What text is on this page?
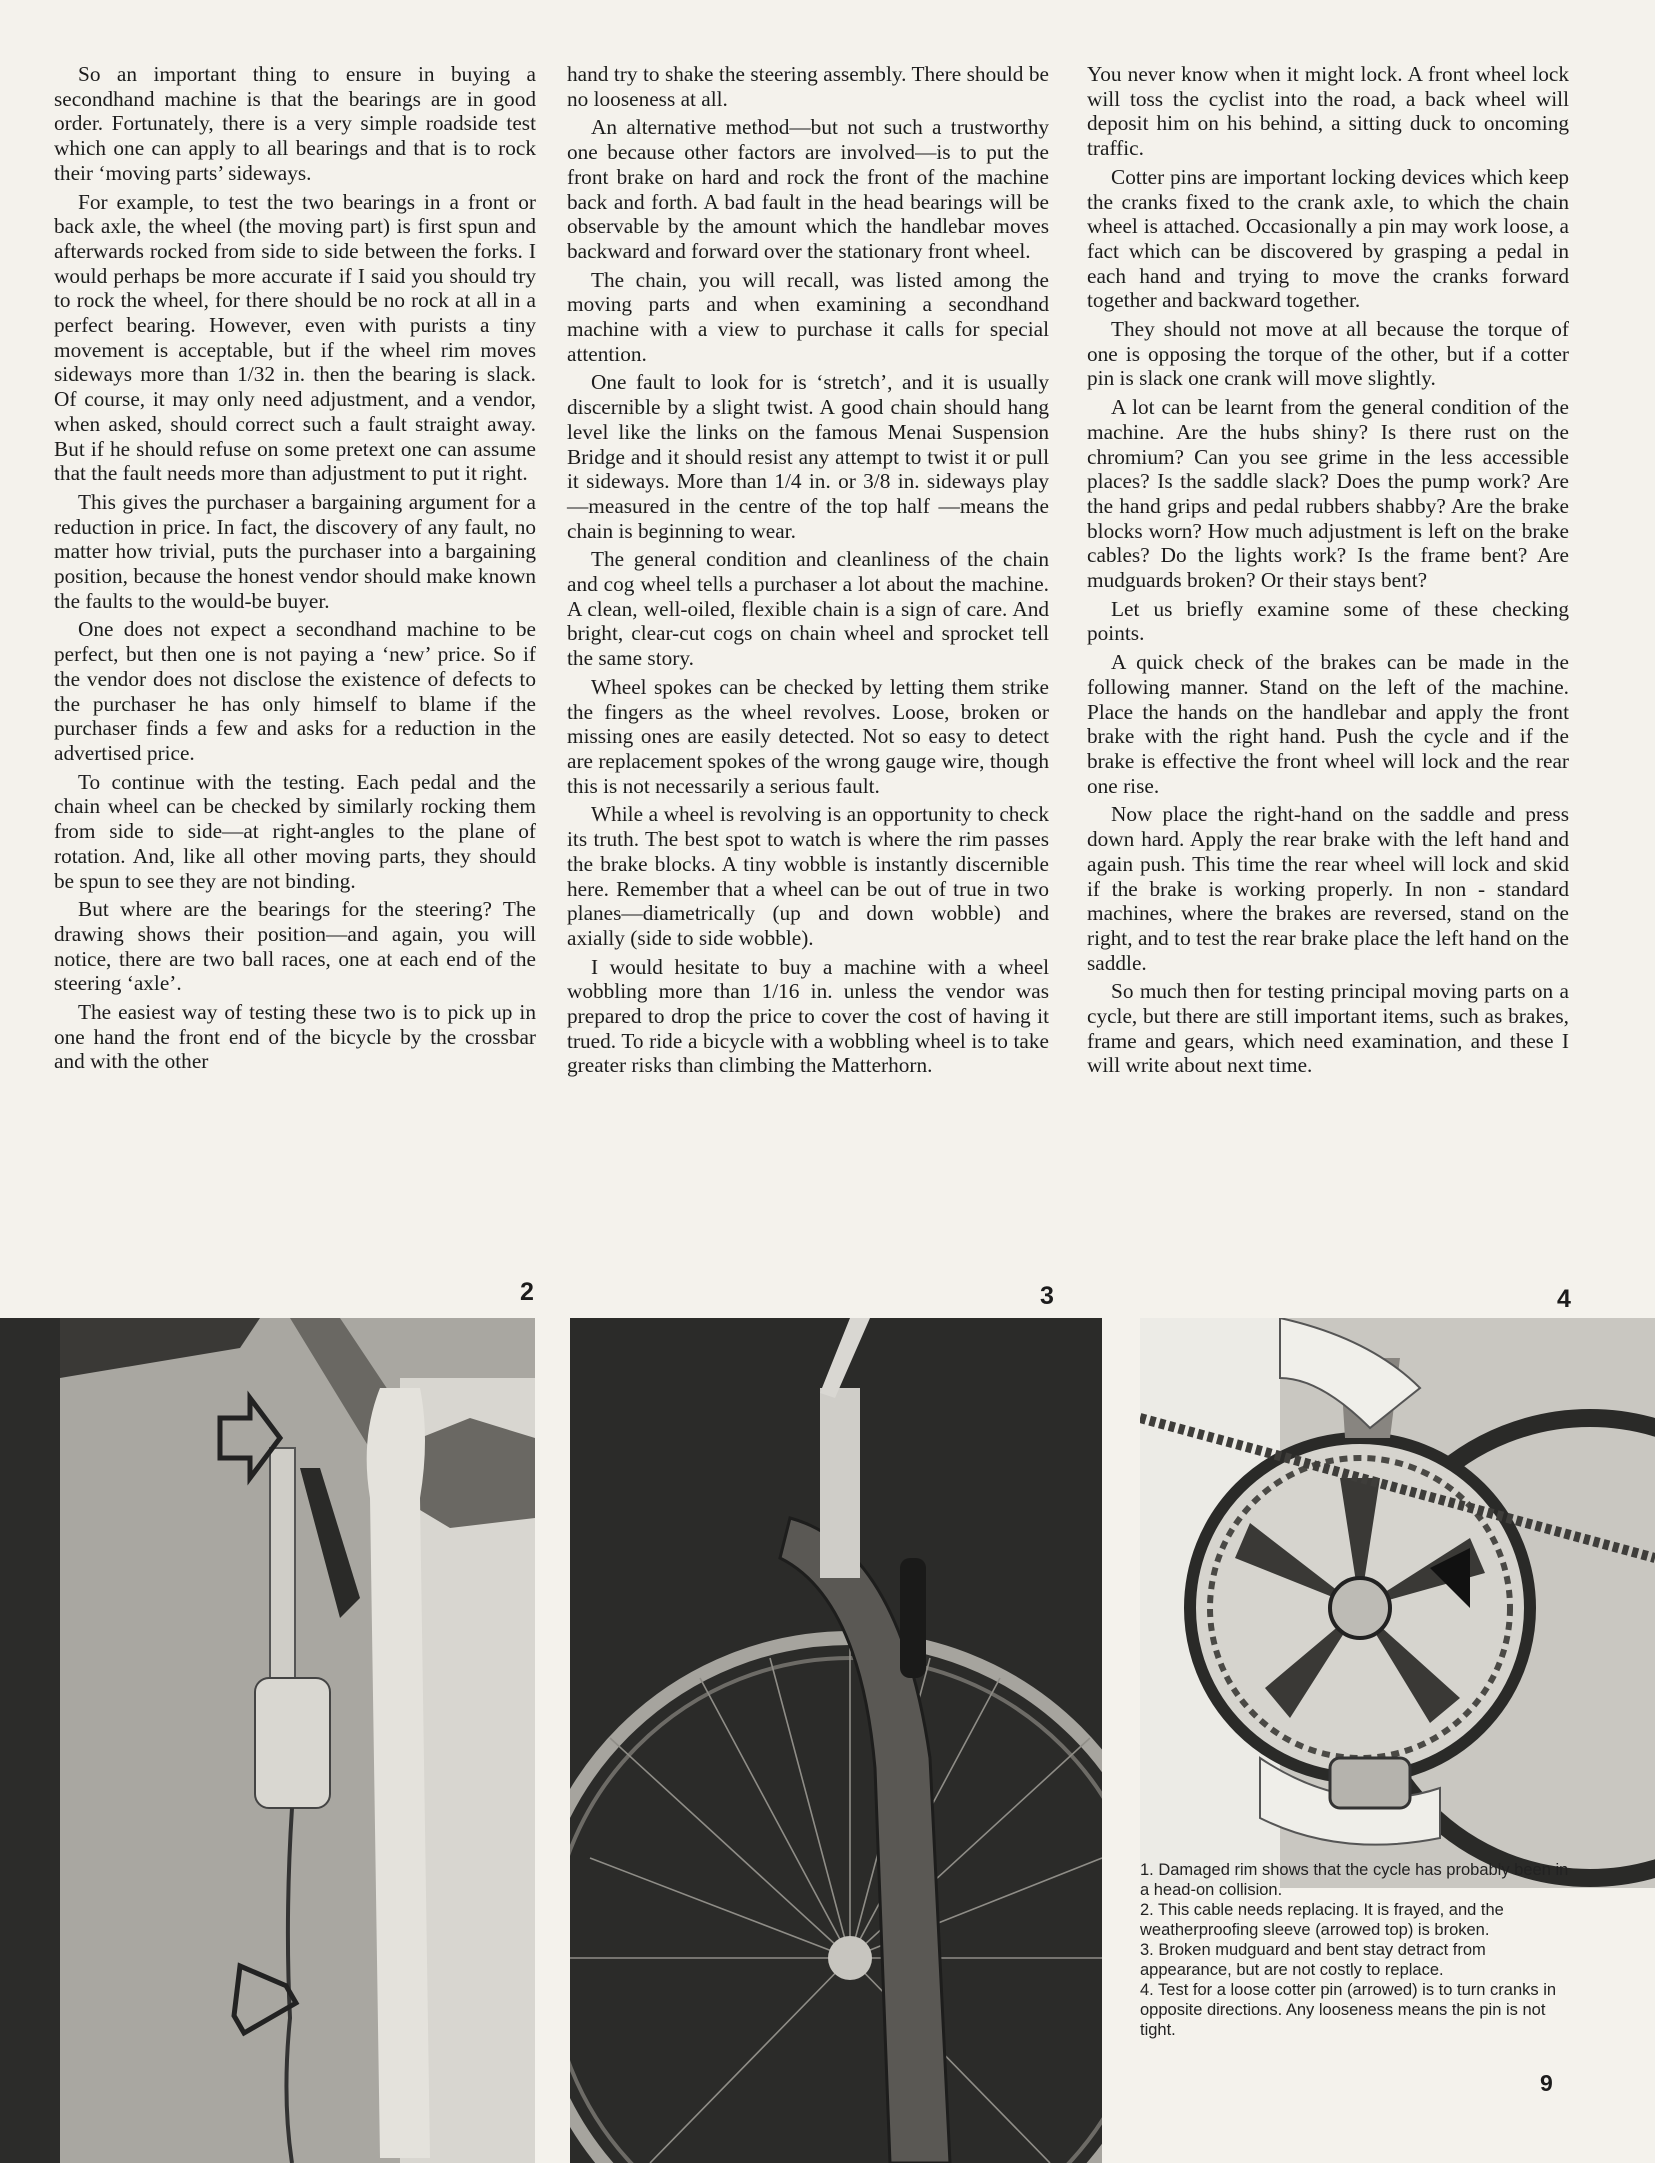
So an important thing to ensure in buying a secondhand machine is that the bearings are in good order. Fortunately, there is a very simple roadside test which one can apply to all bearings and that is to rock their ‘moving parts’ sideways.

For example, to test the two bearings in a front or back axle, the wheel (the moving part) is first spun and afterwards rocked from side to side between the forks. I would perhaps be more accurate if I said you should try to rock the wheel, for there should be no rock at all in a perfect bearing. However, even with purists a tiny movement is acceptable, but if the wheel rim moves sideways more than 1/32 in. then the bearing is slack. Of course, it may only need adjustment, and a vendor, when asked, should correct such a fault straight away. But if he should refuse on some pretext one can assume that the fault needs more than adjustment to put it right.

This gives the purchaser a bargaining argument for a reduction in price. In fact, the discovery of any fault, no matter how trivial, puts the purchaser into a bargaining position, because the honest vendor should make known the faults to the would-be buyer.

One does not expect a secondhand machine to be perfect, but then one is not paying a ‘new’ price. So if the vendor does not disclose the existence of defects to the purchaser he has only himself to blame if the purchaser finds a few and asks for a reduction in the advertised price.

To continue with the testing. Each pedal and the chain wheel can be checked by similarly rocking them from side to side—at right-angles to the plane of rotation. And, like all other moving parts, they should be spun to see they are not binding.

But where are the bearings for the steering? The drawing shows their position—and again, you will notice, there are two ball races, one at each end of the steering ‘axle’.

The easiest way of testing these two is to pick up in one hand the front end of the bicycle by the crossbar and with the other

hand try to shake the steering assembly. There should be no looseness at all.

An alternative method—but not such a trustworthy one because other factors are involved—is to put the front brake on hard and rock the front of the machine back and forth. A bad fault in the head bearings will be observable by the amount which the handlebar moves backward and forward over the stationary front wheel.

The chain, you will recall, was listed among the moving parts and when examining a secondhand machine with a view to purchase it calls for special attention.

One fault to look for is ‘stretch’, and it is usually discernible by a slight twist. A good chain should hang level like the links on the famous Menai Suspension Bridge and it should resist any attempt to twist it or pull it sideways. More than 1/4 in. or 3/8 in. sideways play—measured in the centre of the top half —means the chain is beginning to wear.

The general condition and cleanliness of the chain and cog wheel tells a purchaser a lot about the machine. A clean, well-oiled, flexible chain is a sign of care. And bright, clear-cut cogs on chain wheel and sprocket tell the same story.

Wheel spokes can be checked by letting them strike the fingers as the wheel revolves. Loose, broken or missing ones are easily detected. Not so easy to detect are replacement spokes of the wrong gauge wire, though this is not necessarily a serious fault.

While a wheel is revolving is an opportunity to check its truth. The best spot to watch is where the rim passes the brake blocks. A tiny wobble is instantly discernible here. Remember that a wheel can be out of true in two planes—diametrically (up and down wobble) and axially (side to side wobble).

I would hesitate to buy a machine with a wheel wobbling more than 1/16 in. unless the vendor was prepared to drop the price to cover the cost of having it trued. To ride a bicycle with a wobbling wheel is to take greater risks than climbing the Matterhorn.

You never know when it might lock. A front wheel lock will toss the cyclist into the road, a back wheel will deposit him on his behind, a sitting duck to oncoming traffic.

Cotter pins are important locking devices which keep the cranks fixed to the crank axle, to which the chain wheel is attached. Occasionally a pin may work loose, a fact which can be discovered by grasping a pedal in each hand and trying to move the cranks forward together and backward together.

They should not move at all because the torque of one is opposing the torque of the other, but if a cotter pin is slack one crank will move slightly.

A lot can be learnt from the general condition of the machine. Are the hubs shiny? Is there rust on the chromium? Can you see grime in the less accessible places? Is the saddle slack? Does the pump work? Are the hand grips and pedal rubbers shabby? Are the brake blocks worn? How much adjustment is left on the brake cables? Do the lights work? Is the frame bent? Are mudguards broken? Or their stays bent?

Let us briefly examine some of these checking points.

A quick check of the brakes can be made in the following manner. Stand on the left of the machine. Place the hands on the handlebar and apply the front brake with the right hand. Push the cycle and if the brake is effective the front wheel will lock and the rear one rise.

Now place the right-hand on the saddle and press down hard. Apply the rear brake with the left hand and again push. This time the rear wheel will lock and skid if the brake is working properly. In non - standard machines, where the brakes are reversed, stand on the right, and to test the rear brake place the left hand on the saddle.

So much then for testing principal moving parts on a cycle, but there are still important items, such as brakes, frame and gears, which need examination, and these I will write about next time.

2	3	4
1. Damaged rim shows that the cycle has probably been in a head-on collision.
2. This cable needs replacing. It is frayed, and the weatherproofing sleeve (arrowed top) is broken.
3. Broken mudguard and bent stay detract from appearance, but are not costly to replace.
4. Test for a loose cotter pin (arrowed) is to turn cranks in opposite directions. Any looseness means the pin is not tight.
9
